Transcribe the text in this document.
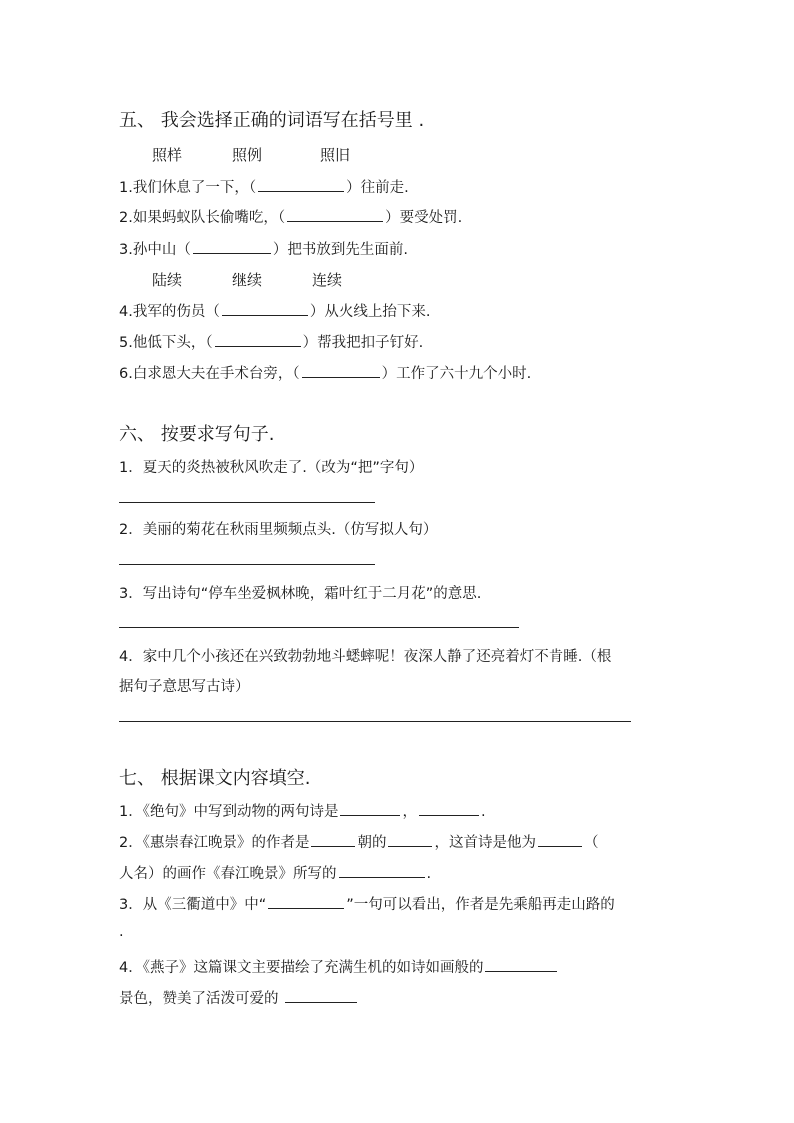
五、 我会选择正确的词语写在括号里 .
照样	照例	照旧
1.我们休息了一下，（	）往前走.
2.如果蚂蚁队长偷嘴吃，（	）要受处罚.
3.孙中山（	）把书放到先生面前.
陆续	继续	连续
4.我军的伤员（	）从火线上抬下来.
5.他低下头，（	）帮我把扣子钉好.
6.白求恩大夫在手术台旁，（	）工作了六十九个小时.
六、 按要求写句子.
1．夏天的炎热被秋风吹走了.（改为“把”字句）
2．美丽的菊花在秋雨里频频点头.（仿写拟人句）
3．写出诗句“停车坐爱枫林晚，霜叶红于二月花”的意思.
4．家中几个小孩还在兴致勃勃地斗蟋蟀呢！夜深人静了还亮着灯不肯睡.（根
据句子意思写古诗）
七、 根据课文内容填空.
1．《绝句》中写到动物的两句诗是	，	.
2．《惠崇春江晚景》的作者是	朝的	，这首诗是他为	（
人名）的画作《春江晚景》所写的	.
3．从《三衢道中》中“	”一句可以看出，作者是先乘船再走山路的
.
4．《燕子》这篇课文主要描绘了充满生机的如诗如画般的
景色，赞美了活泼可爱的
